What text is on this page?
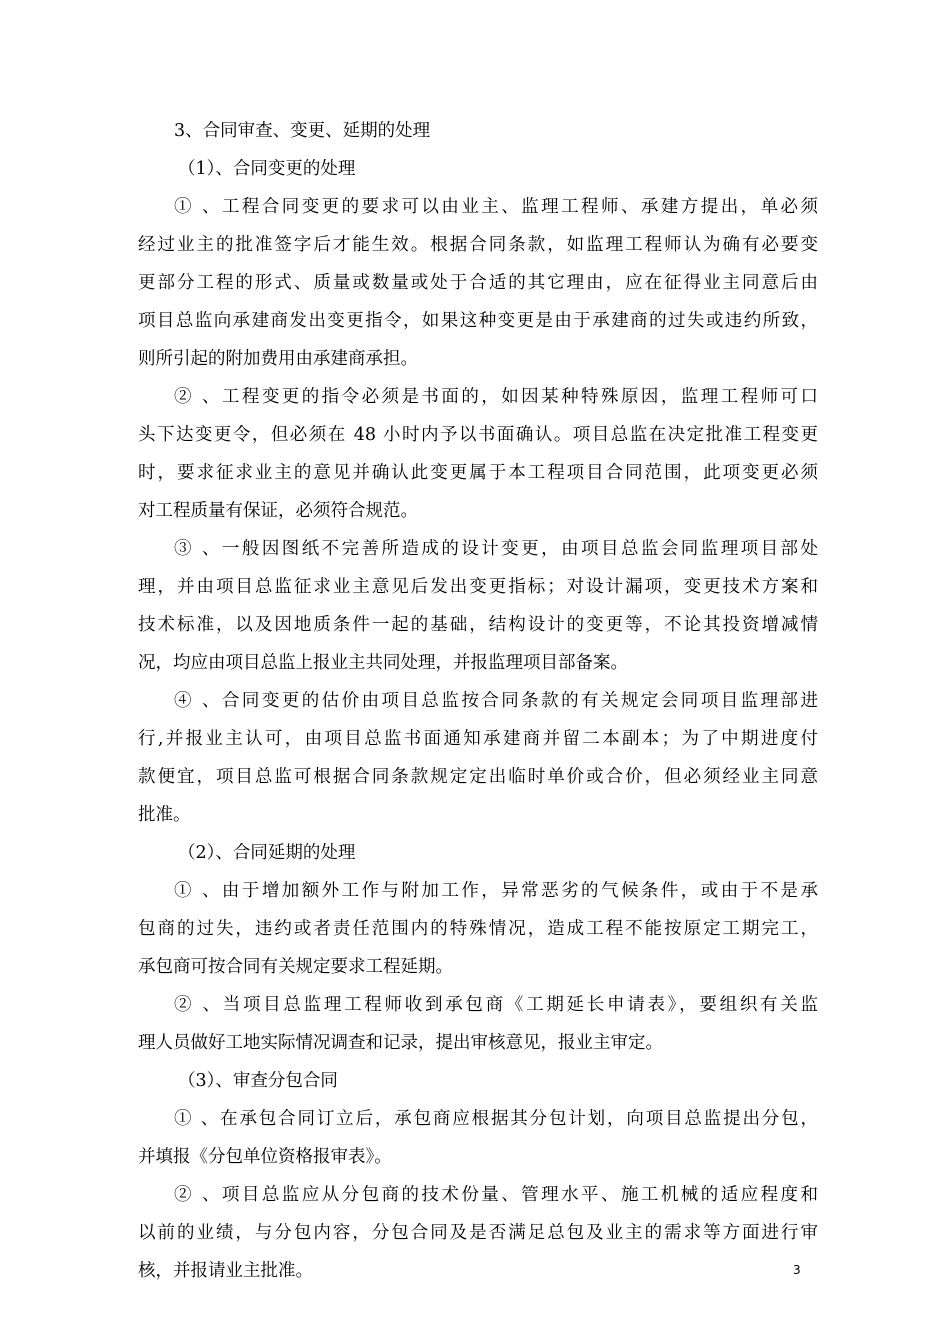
3、合同审查、变更、延期的处理

（1）、合同变更的处理

① 、工程合同变更的要求可以由业主、监理工程师、承建方提出，单必须

经过业主的批准签字后才能生效。根据合同条款，如监理工程师认为确有必要变

更部分工程的形式、质量或数量或处于合适的其它理由，应在征得业主同意后由

项目总监向承建商发出变更指令，如果这种变更是由于承建商的过失或违约所致，

则所引起的附加费用由承建商承担。

② 、工程变更的指令必须是书面的，如因某种特殊原因，监理工程师可口

头下达变更令，但必须在 48 小时内予以书面确认。项目总监在决定批准工程变更

时，要求征求业主的意见并确认此变更属于本工程项目合同范围，此项变更必须

对工程质量有保证，必须符合规范。

③ 、一般因图纸不完善所造成的设计变更，由项目总监会同监理项目部处

理，并由项目总监征求业主意见后发出变更指标；对设计漏项，变更技术方案和

技术标准，以及因地质条件一起的基础，结构设计的变更等，不论其投资增减情

况，均应由项目总监上报业主共同处理，并报监理项目部备案。

④ 、合同变更的估价由项目总监按合同条款的有关规定会同项目监理部进

行,并报业主认可，由项目总监书面通知承建商并留二本副本；为了中期进度付

款便宜，项目总监可根据合同条款规定定出临时单价或合价，但必须经业主同意

批准。

（2）、合同延期的处理

① 、由于增加额外工作与附加工作，异常恶劣的气候条件，或由于不是承

包商的过失，违约或者责任范围内的特殊情况，造成工程不能按原定工期完工，

承包商可按合同有关规定要求工程延期。

② 、当项目总监理工程师收到承包商《工期延长申请表》，要组织有关监

理人员做好工地实际情况调查和记录，提出审核意见，报业主审定。

（3）、审查分包合同

① 、在承包合同订立后，承包商应根据其分包计划，向项目总监提出分包，

并填报《分包单位资格报审表》。

② 、项目总监应从分包商的技术份量、管理水平、施工机械的适应程度和

以前的业绩，与分包内容，分包合同及是否满足总包及业主的需求等方面进行审

核，并报请业主批准。	3
